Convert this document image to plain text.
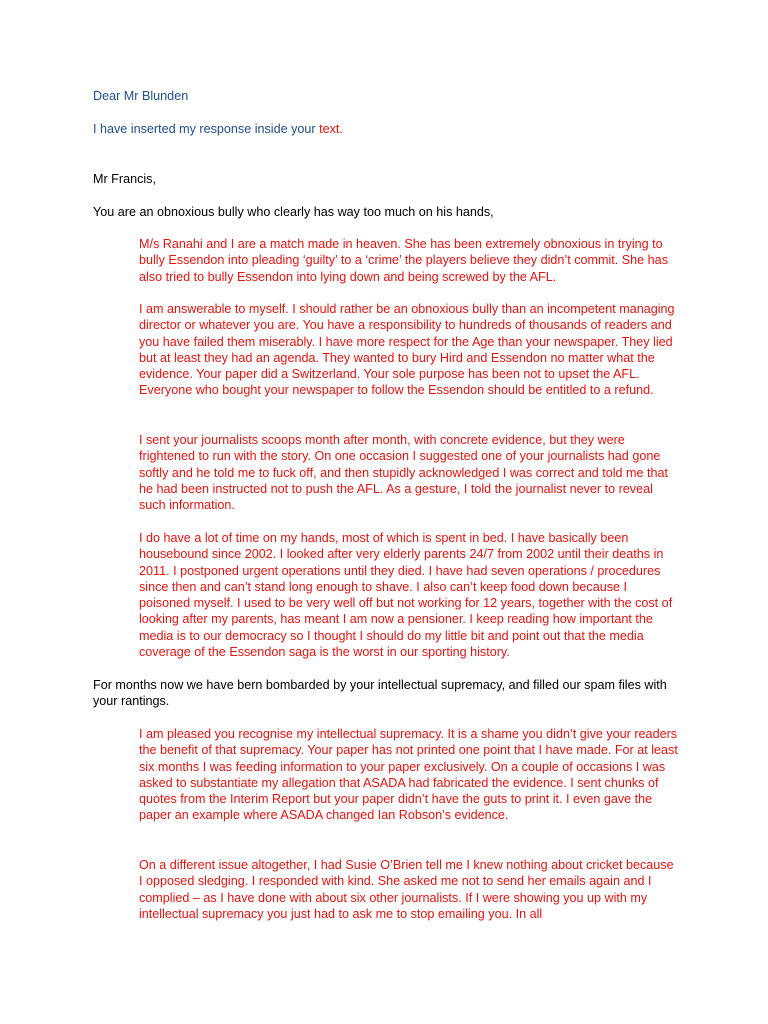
Dear Mr Blunden

I have inserted my response inside your text.

Mr Francis,

You are an obnoxious bully who clearly has way too much on his hands,

M/s Ranahi and I are a match made in heaven. She has been extremely obnoxious in trying to bully Essendon into pleading ‘guilty’ to a ‘crime’ the players believe they didn’t commit. She has also tried to bully Essendon into lying down and being screwed by the AFL.

I am answerable to myself. I should rather be an obnoxious bully than an incompetent managing director or whatever you are. You have a responsibility to hundreds of thousands of readers and you have failed them miserably. I have more respect for the Age than your newspaper. They lied but at least they had an agenda. They wanted to bury Hird and Essendon no matter what the evidence. Your paper did a Switzerland. Your sole purpose has been not to upset the AFL. Everyone who bought your newspaper to follow the Essendon should be entitled to a refund.

I sent your journalists scoops month after month, with concrete evidence, but they were frightened to run with the story. On one occasion I suggested one of your journalists had gone softly and he told me to fuck off, and then stupidly acknowledged I was correct and told me that he had been instructed not to push the AFL. As a gesture, I told the journalist never to reveal such information.

I do have a lot of time on my hands, most of which is spent in bed. I have basically been housebound since 2002. I looked after very elderly parents 24/7 from 2002 until their deaths in 2011. I postponed urgent operations until they died. I have had seven operations / procedures since then and can’t stand long enough to shave. I also can’t keep food down because I poisoned myself. I used to be very well off but not working for 12 years, together with the cost of looking after my parents, has meant I am now a pensioner. I keep reading how important the media is to our democracy so I thought I should do my little bit and point out that the media coverage of the Essendon saga is the worst in our sporting history.

For months now we have bern bombarded by your intellectual supremacy, and filled our spam files with your rantings.

I am pleased you recognise my intellectual supremacy. It is a shame you didn’t give your readers the benefit of that supremacy. Your paper has not printed one point that I have made. For at least six months I was feeding information to your paper exclusively. On a couple of occasions I was asked to substantiate my allegation that ASADA had fabricated the evidence. I sent chunks of quotes from the Interim Report but your paper didn’t have the guts to print it. I even gave the paper an example where ASADA changed Ian Robson’s evidence.

On a different issue altogether, I had Susie O’Brien tell me I knew nothing about cricket because I opposed sledging. I responded with kind. She asked me not to send her emails again and I complied – as I have done with about six other journalists. If I were showing you up with my intellectual supremacy you just had to ask me to stop emailing you. In all
